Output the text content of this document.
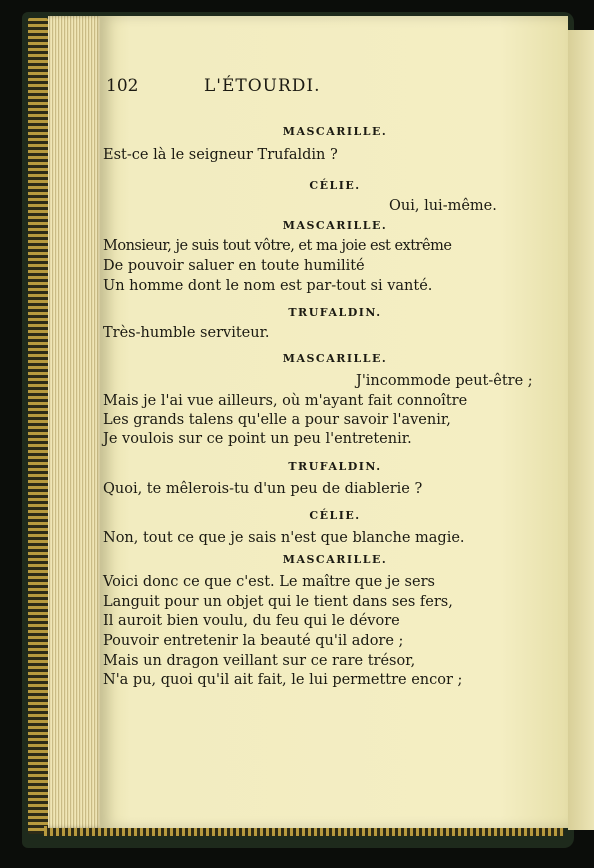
102	L'ÉTOURDI.
MASCARILLE.
Est-ce là le seigneur Trufaldin ?
CÉLIE.
Oui, lui-même.
MASCARILLE.
Monsieur, je suis tout vôtre, et ma joie est extrême
De pouvoir saluer en toute humilité
Un homme dont le nom est par-tout si vanté.
TRUFALDIN.
Très-humble serviteur.
MASCARILLE.
J'incommode peut-être ;
Mais je l'ai vue ailleurs, où m'ayant fait connoître
Les grands talens qu'elle a pour savoir l'avenir,
Je voulois sur ce point un peu l'entretenir.
TRUFALDIN.
Quoi, te mêlerois-tu d'un peu de diablerie ?
CÉLIE.
Non, tout ce que je sais n'est que blanche magie.
MASCARILLE.
Voici donc ce que c'est. Le maître que je sers
Languit pour un objet qui le tient dans ses fers,
Il auroit bien voulu, du feu qui le dévore
Pouvoir entretenir la beauté qu'il adore ;
Mais un dragon veillant sur ce rare trésor,
N'a pu, quoi qu'il ait fait, le lui permettre encor ;
